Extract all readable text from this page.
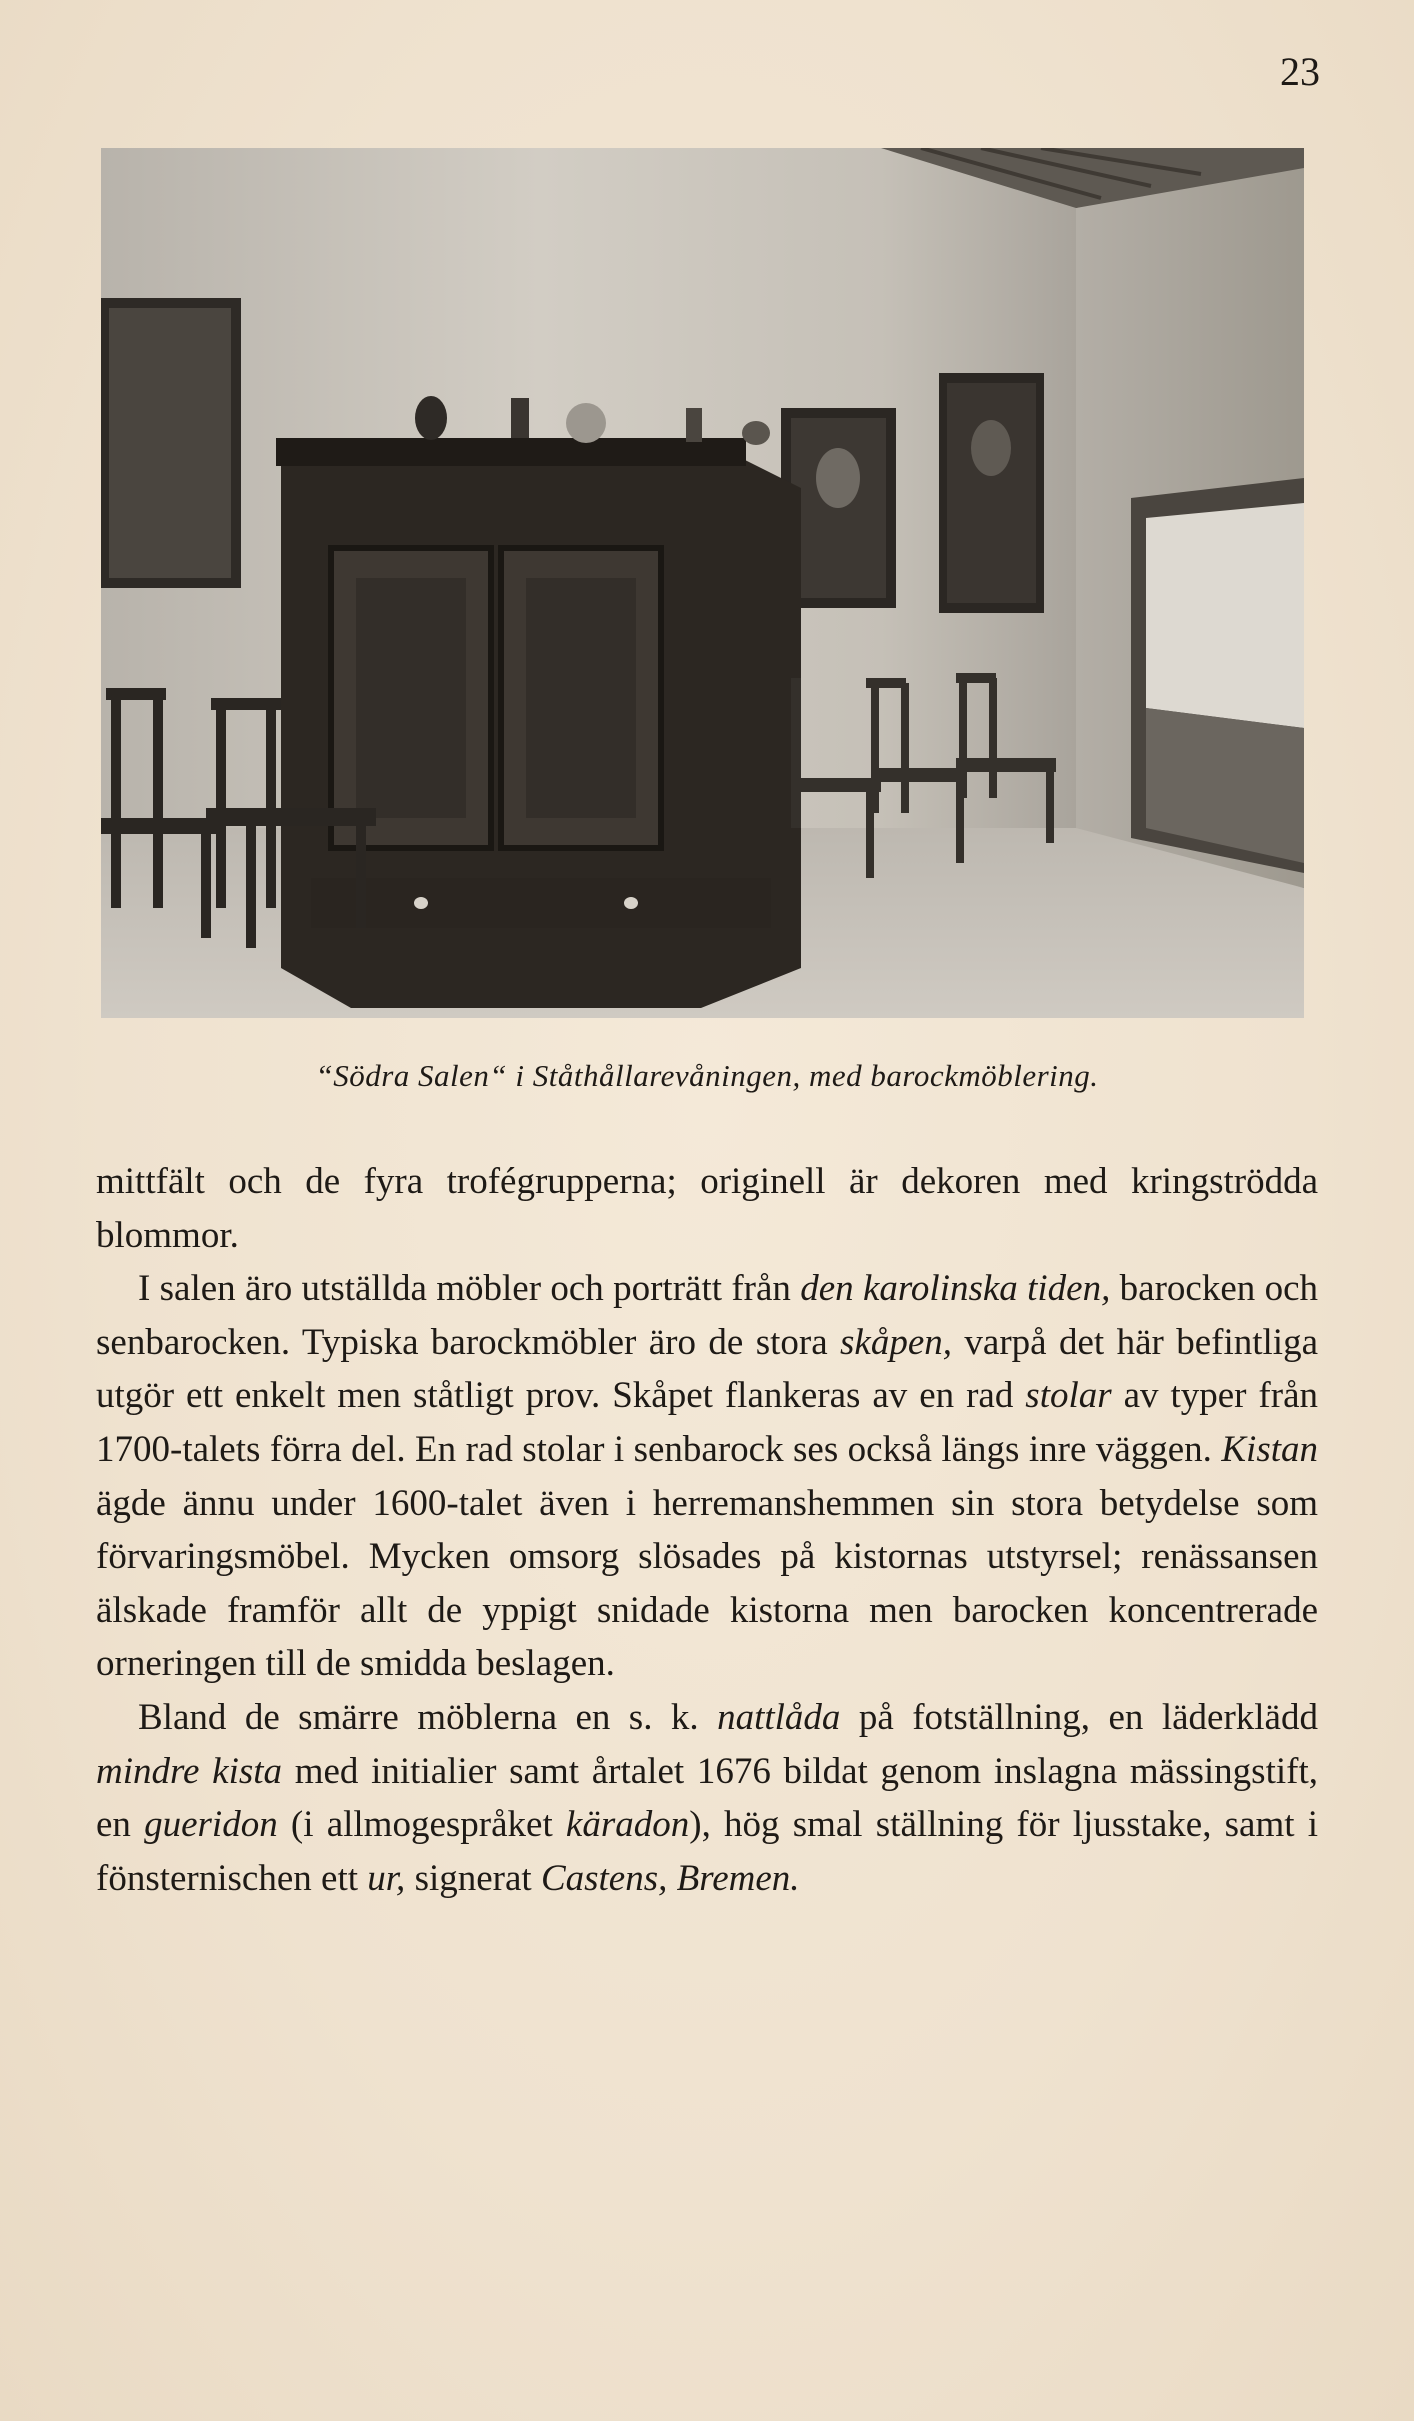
23
“Södra Salen“ i Ståthållarevåningen, med barockmöblering.

mittfält och de fyra trofégrupperna; originell är dekoren med kringströdda blommor.

I salen äro utställda möbler och porträtt från den karolinska tiden, barocken och senbarocken. Typiska barockmöbler äro de stora skåpen, varpå det här befintliga utgör ett enkelt men ståtligt prov. Skåpet flankeras av en rad stolar av typer från 1700-talets förra del. En rad stolar i senbarock ses också längs inre väggen. Kistan ägde ännu under 1600-talet även i herremanshemmen sin stora betydelse som förvaringsmöbel. Mycken omsorg slösades på kistornas utstyrsel; renässansen älskade framför allt de yppigt snidade kistorna men barocken koncentrerade orneringen till de smidda beslagen.

Bland de smärre möblerna en s. k. nattlåda på fotställning, en läderklädd mindre kista med initialier samt årtalet 1676 bildat genom inslagna mässingstift, en gueridon (i allmogespråket käradon), hög smal ställning för ljusstake, samt i fönsternischen ett ur, signerat Castens, Bremen.
